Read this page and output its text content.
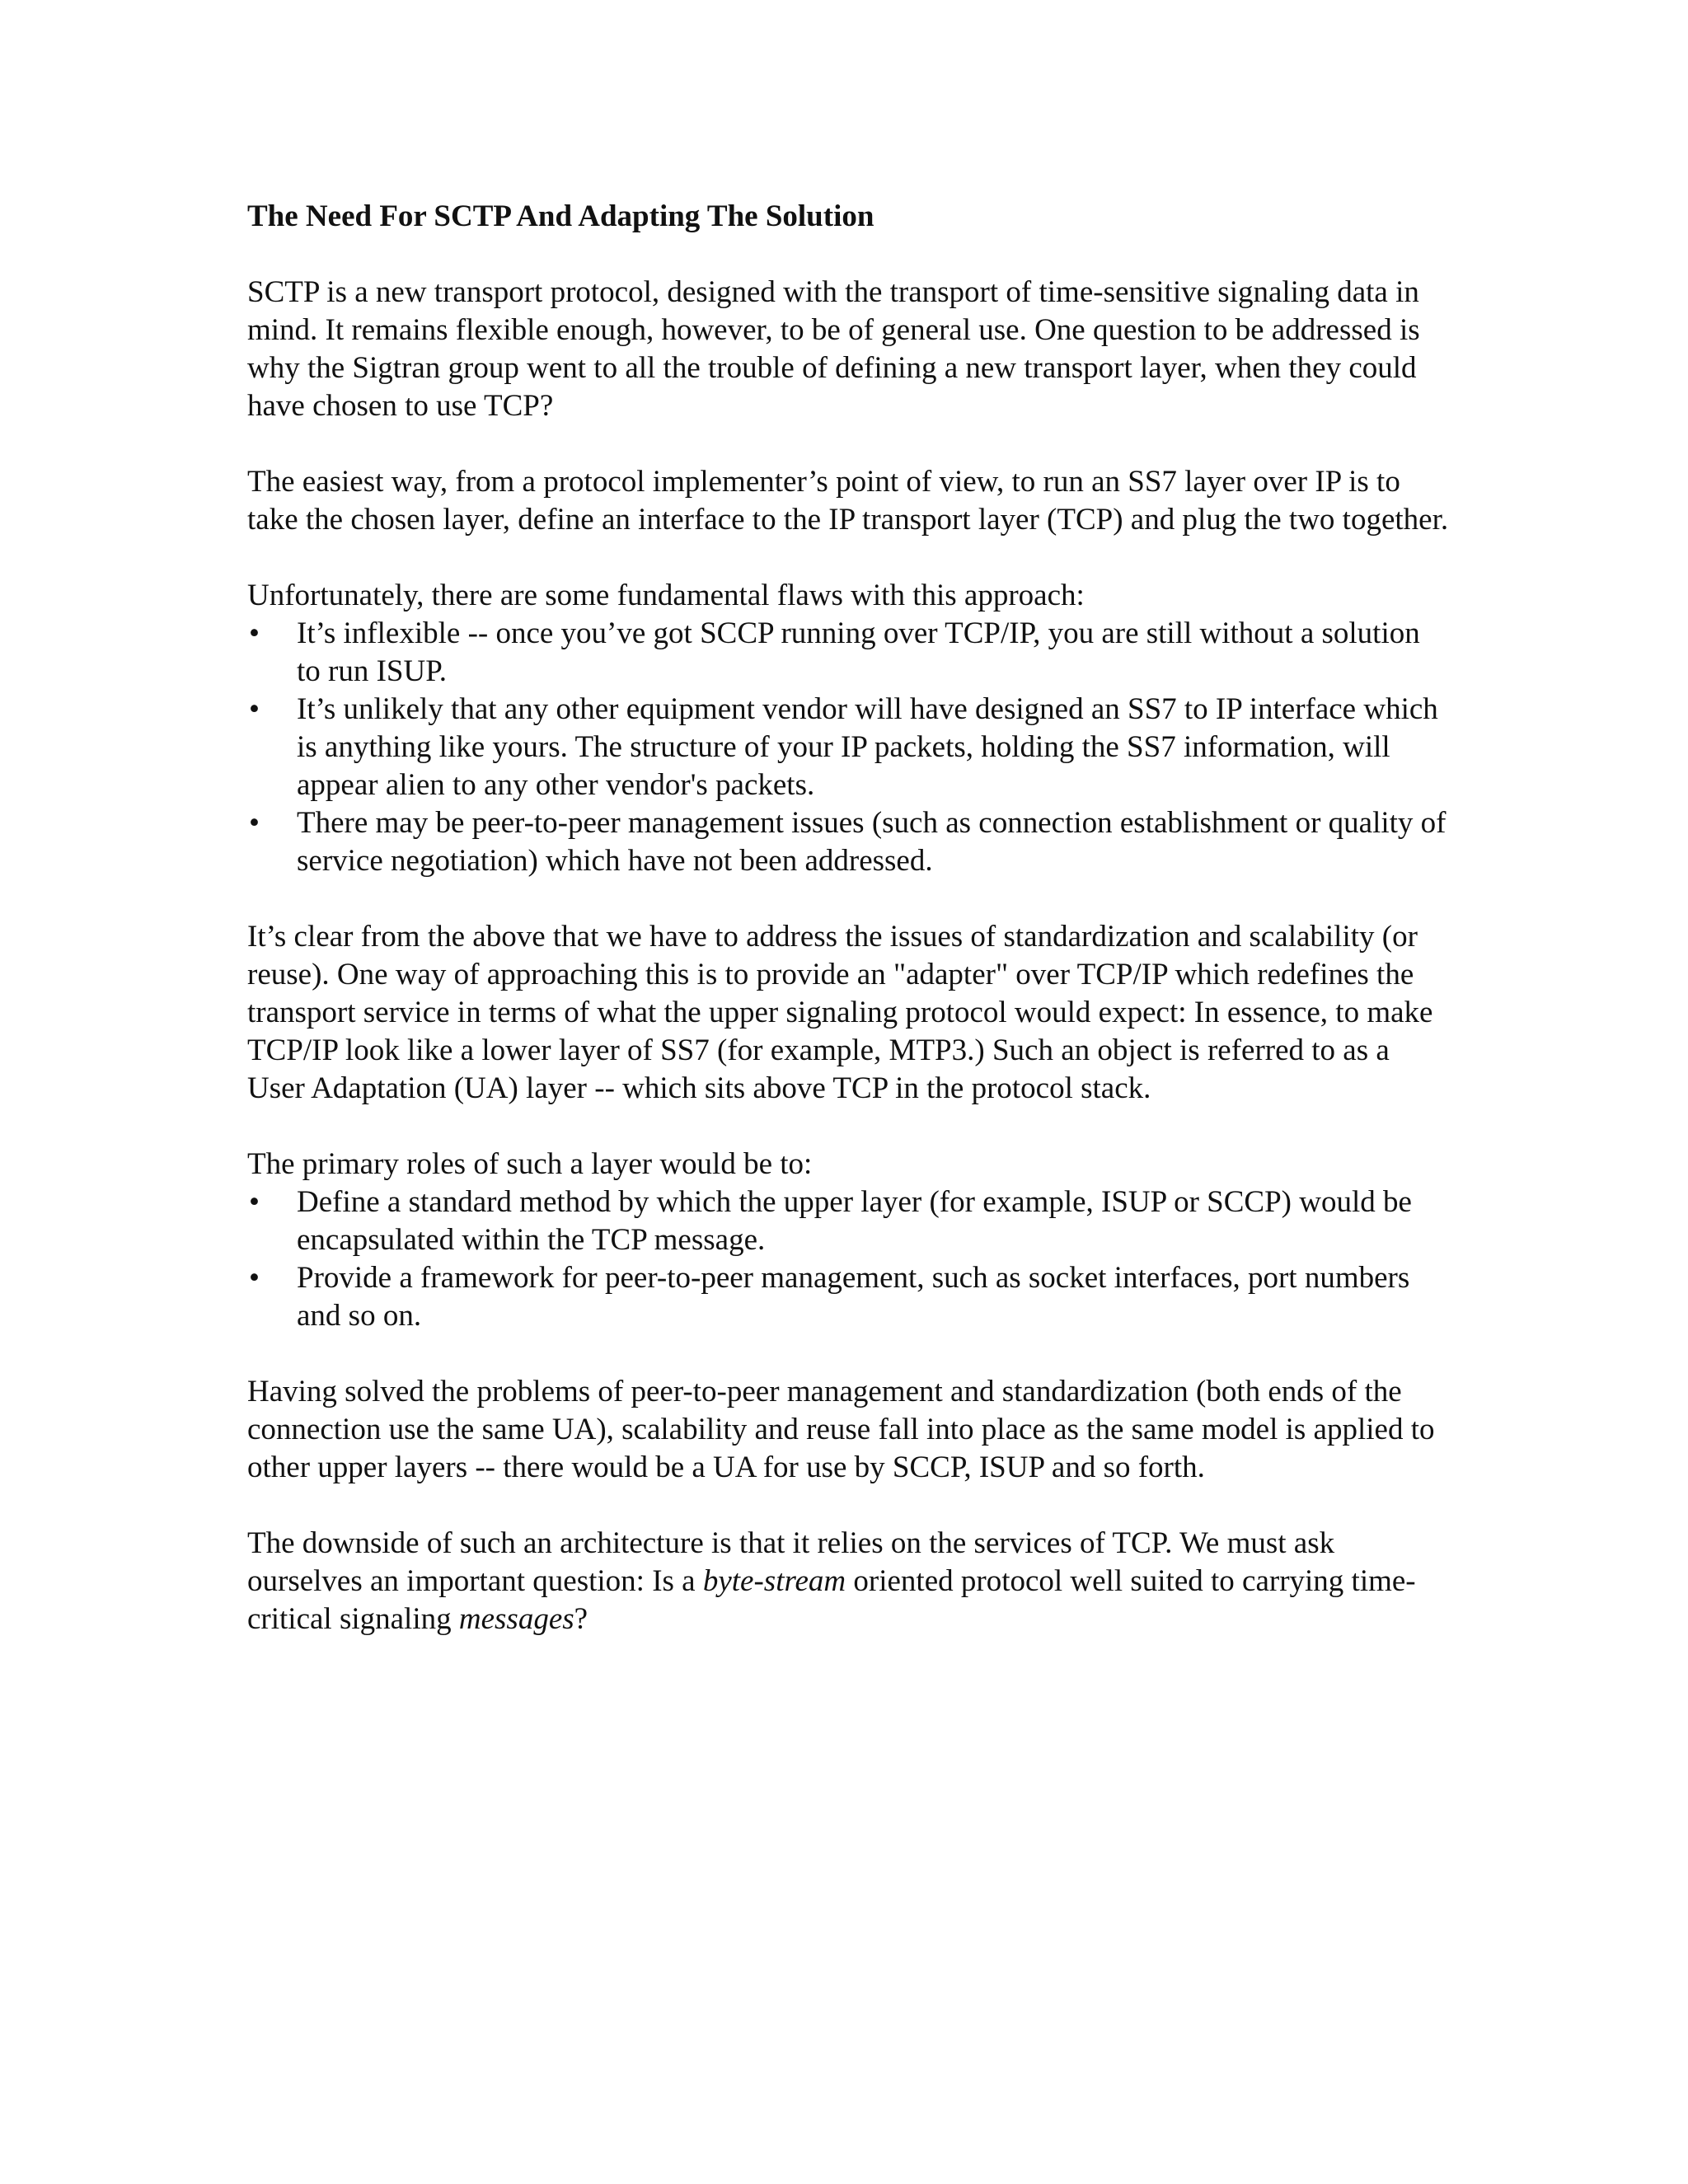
The Need For SCTP And Adapting The Solution

SCTP is a new transport protocol, designed with the transport of time-sensitive signaling data in mind. It remains flexible enough, however, to be of general use. One question to be addressed is why the Sigtran group went to all the trouble of defining a new transport layer, when they could have chosen to use TCP?

The easiest way, from a protocol implementer’s point of view, to run an SS7 layer over IP is to take the chosen layer, define an interface to the IP transport layer (TCP) and plug the two together.

Unfortunately, there are some fundamental flaws with this approach:

• It’s inflexible -- once you’ve got SCCP running over TCP/IP, you are still without a solution to run ISUP.
• It’s unlikely that any other equipment vendor will have designed an SS7 to IP interface which is anything like yours. The structure of your IP packets, holding the SS7 information, will appear alien to any other vendor's packets.
• There may be peer-to-peer management issues (such as connection establishment or quality of service negotiation) which have not been addressed.

It’s clear from the above that we have to address the issues of standardization and scalability (or reuse). One way of approaching this is to provide an "adapter" over TCP/IP which redefines the transport service in terms of what the upper signaling protocol would expect: In essence, to make TCP/IP look like a lower layer of SS7 (for example, MTP3.) Such an object is referred to as a User Adaptation (UA) layer -- which sits above TCP in the protocol stack.

The primary roles of such a layer would be to:

• Define a standard method by which the upper layer (for example, ISUP or SCCP) would be encapsulated within the TCP message.
• Provide a framework for peer-to-peer management, such as socket interfaces, port numbers and so on.

Having solved the problems of peer-to-peer management and standardization (both ends of the connection use the same UA), scalability and reuse fall into place as the same model is applied to other upper layers -- there would be a UA for use by SCCP, ISUP and so forth.

The downside of such an architecture is that it relies on the services of TCP. We must ask ourselves an important question: Is a byte-stream oriented protocol well suited to carrying time-critical signaling messages?
